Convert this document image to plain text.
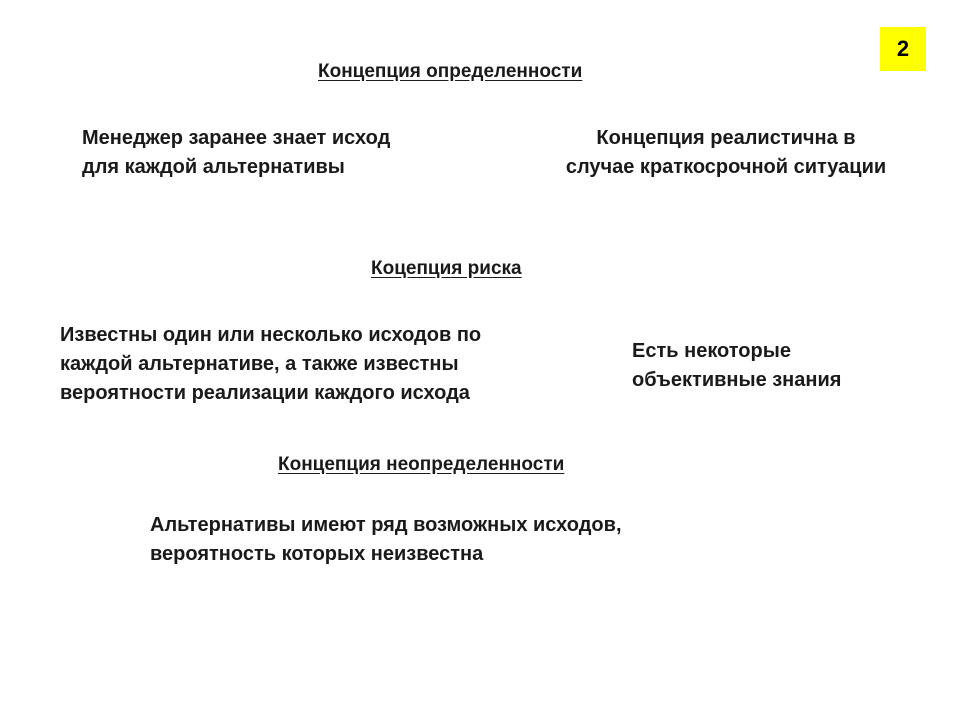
2
Концепция определенности
Менеджер заранее знает исход
для каждой альтернативы
Концепция реалистична в
случае краткосрочной ситуации
Коцепция риска
Известны один или несколько исходов по
каждой альтернативе, а также известны
вероятности реализации каждого исхода
Есть некоторые
объективные знания
Концепция неопределенности
Альтернативы имеют ряд возможных исходов,
вероятность которых неизвестна
